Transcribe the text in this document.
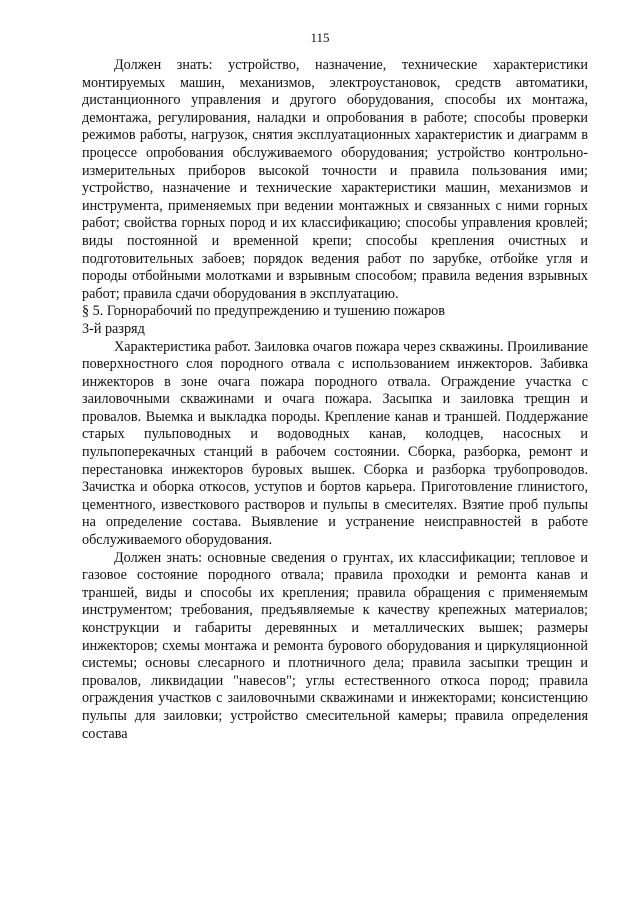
115

Должен знать: устройство, назначение, технические характеристики монтируемых машин, механизмов, электроустановок, средств автоматики, дистанционного управления и другого оборудования, способы их монтажа, демонтажа, регулирования, наладки и опробования в работе; способы проверки режимов работы, нагрузок, снятия эксплуатационных характеристик и диаграмм в процессе опробования обслуживаемого оборудования; устройство контрольно-измерительных приборов высокой точности и правила пользования ими; устройство, назначение и технические характеристики машин, механизмов и инструмента, применяемых при ведении монтажных и связанных с ними горных работ; свойства горных пород и их классификацию; способы управления кровлей; виды постоянной и временной крепи; способы крепления очистных и подготовительных забоев; порядок ведения работ по зарубке, отбойке угля и породы отбойными молотками и взрывным способом; правила ведения взрывных работ; правила сдачи оборудования в эксплуатацию.

§ 5. Горнорабочий по предупреждению и тушению пожаров

3-й разряд

Характеристика работ. Заиловка очагов пожара через скважины. Проиливание поверхностного слоя породного отвала с использованием инжекторов. Забивка инжекторов в зоне очага пожара породного отвала. Ограждение участка с заиловочными скважинами и очага пожара. Засыпка и заиловка трещин и провалов. Выемка и выкладка породы. Крепление канав и траншей. Поддержание старых пульповодных и водоводных канав, колодцев, насосных и пульпоперекачных станций в рабочем состоянии. Сборка, разборка, ремонт и перестановка инжекторов буровых вышек. Сборка и разборка трубопроводов. Зачистка и оборка откосов, уступов и бортов карьера. Приготовление глинистого, цементного, известкового растворов и пульпы в смесителях. Взятие проб пульпы на определение состава. Выявление и устранение неисправностей в работе обслуживаемого оборудования.

Должен знать: основные сведения о грунтах, их классификации; тепловое и газовое состояние породного отвала; правила проходки и ремонта канав и траншей, виды и способы их крепления; правила обращения с применяемым инструментом; требования, предъявляемые к качеству крепежных материалов; конструкции и габариты деревянных и металлических вышек; размеры инжекторов; схемы монтажа и ремонта бурового оборудования и циркуляционной системы; основы слесарного и плотничного дела; правила засыпки трещин и провалов, ликвидации "навесов"; углы естественного откоса пород; правила ограждения участков с заиловочными скважинами и инжекторами; консистенцию пульпы для заиловки; устройство смесительной камеры; правила определения состава
